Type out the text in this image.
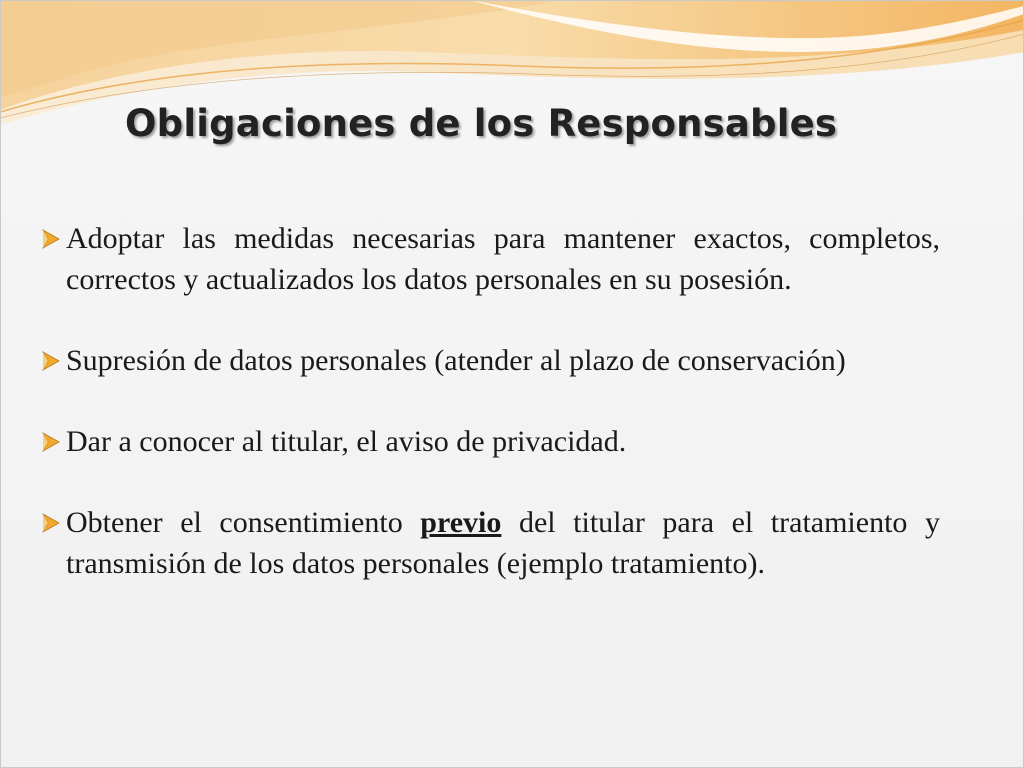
Obligaciones de los Responsables
Adoptar las medidas necesarias para mantener exactos, completos, correctos y actualizados los datos personales en su posesión.
Supresión de datos personales (atender al plazo de conservación)
Dar a conocer al titular, el aviso de privacidad.
Obtener el consentimiento previo del titular para el tratamiento y transmisión de los datos personales (ejemplo tratamiento).
